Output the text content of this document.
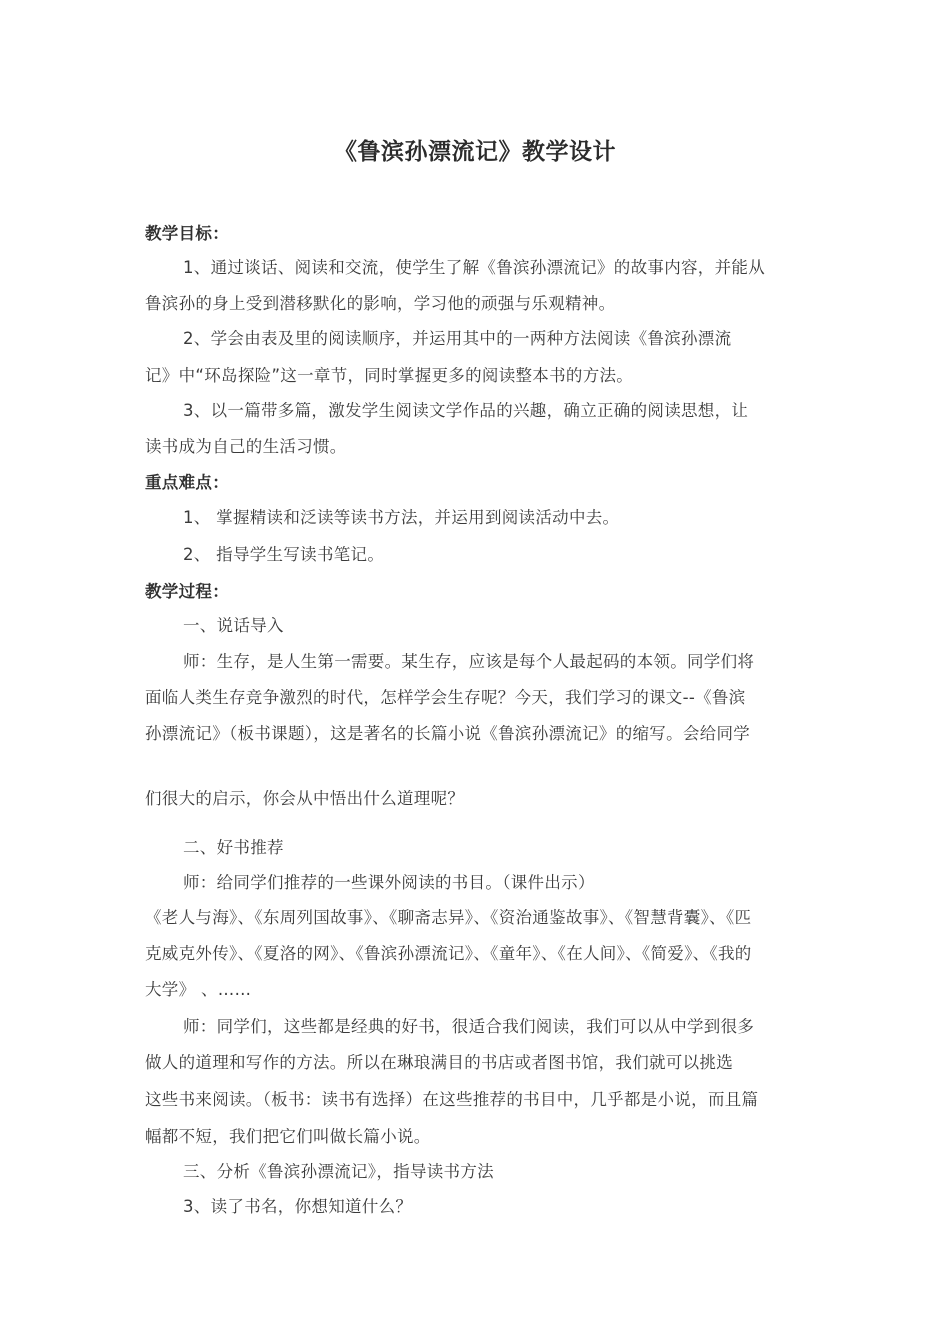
《鲁滨孙漂流记》教学设计
教学目标：
1、通过谈话、阅读和交流，使学生了解《鲁滨孙漂流记》的故事内容，并能从
鲁滨孙的身上受到潜移默化的影响，学习他的顽强与乐观精神。
2、学会由表及里的阅读顺序，并运用其中的一两种方法阅读《鲁滨孙漂流
记》中“环岛探险”这一章节，同时掌握更多的阅读整本书的方法。
3、以一篇带多篇，激发学生阅读文学作品的兴趣，确立正确的阅读思想，让
读书成为自己的生活习惯。
重点难点：
1、 掌握精读和泛读等读书方法，并运用到阅读活动中去。
2、 指导学生写读书笔记。
教学过程：
一、说话导入
师：生存，是人生第一需要。某生存，应该是每个人最起码的本领。同学们将
面临人类生存竞争激烈的时代，怎样学会生存呢？今天，我们学习的课文--《鲁滨
孙漂流记》（板书课题），这是著名的长篇小说《鲁滨孙漂流记》的缩写。会给同学
们很大的启示，你会从中悟出什么道理呢？
二、好书推荐
师：给同学们推荐的一些课外阅读的书目。（课件出示）
《老人与海》、《东周列国故事》、《聊斋志异》、《资治通鉴故事》、《智慧背囊》、《匹
克威克外传》、《夏洛的网》、《鲁滨孙漂流记》、《童年》、《在人间》、《简爱》、《我的
大学》 、……
师：同学们，这些都是经典的好书，很适合我们阅读，我们可以从中学到很多
做人的道理和写作的方法。所以在琳琅满目的书店或者图书馆，我们就可以挑选
这些书来阅读。（板书：读书有选择）在这些推荐的书目中，几乎都是小说，而且篇
幅都不短，我们把它们叫做长篇小说。
三、分析《鲁滨孙漂流记》，指导读书方法
3、读了书名，你想知道什么？
